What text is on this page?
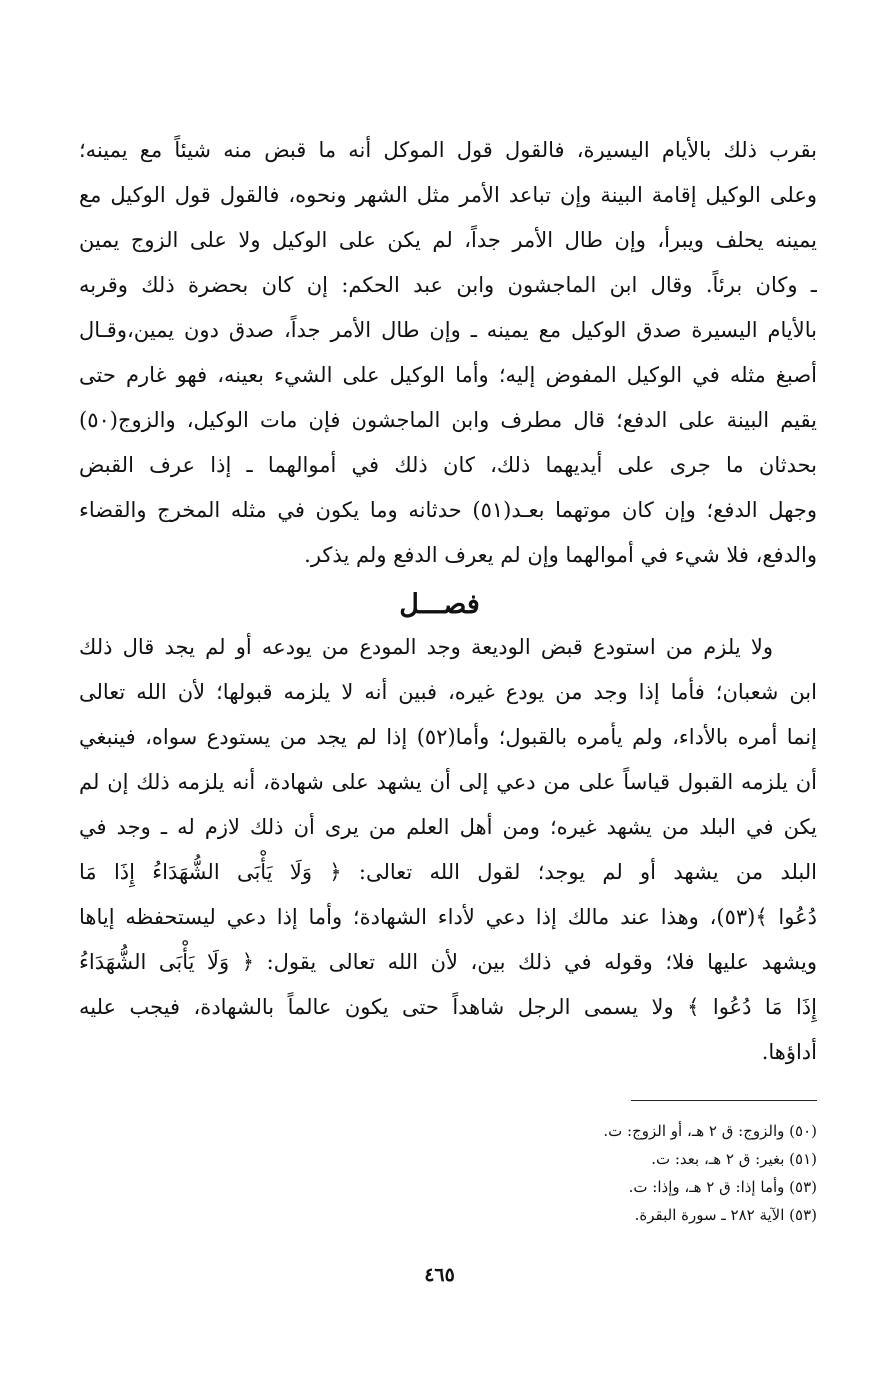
بقرب ذلك بالأيام اليسيرة، فالقول قول الموكل أنه ما قبض منه شيئاً مع يمينه؛
وعلى الوكيل إقامة البينة وإن تباعد الأمر مثل الشهر ونحوه، فالقول قول الوكيل مع
يمينه يحلف ويبرأ، وإن طال الأمر جداً، لم يكن على الوكيل ولا على الزوج يمين
ـ وكان برئاً. وقال ابن الماجشون وابن عبد الحكم: إن كان بحضرة ذلك وقربه
بالأيام اليسيرة صدق الوكيل مع يمينه ـ وإن طال الأمر جداً، صدق دون يمين،وقـال
أصبغ مثله في الوكيل المفوض إليه؛ وأما الوكيل على الشيء بعينه، فهو غارم حتى
يقيم البينة على الدفع؛ قال مطرف وابن الماجشون فإن مات الوكيل، والزوج(٥٠)
بحدثان ما جرى على أيديهما ذلك، كان ذلك في أموالهما ـ إذا عرف القبض
وجهل الدفع؛ وإن كان موتهما بعـد(٥١) حدثانه وما يكون في مثله المخرج والقضاء
والدفع، فلا شيء في أموالهما وإن لم يعرف الدفع ولم يذكر.
فصـــل
ولا يلزم من استودع قبض الوديعة وجد المودع من يودعه أو لم يجد قال ذلك
ابن شعبان؛ فأما إذا وجد من يودع غيره، فبين أنه لا يلزمه قبولها؛ لأن الله تعالى
إنما أمره بالأداء، ولم يأمره بالقبول؛ وأما(٥٢) إذا لم يجد من يستودع سواه، فينبغي
أن يلزمه القبول قياساً على من دعي إلى أن يشهد على شهادة، أنه يلزمه ذلك إن لم
يكن في البلد من يشهد غيره؛ ومن أهل العلم من يرى أن ذلك لازم له ـ وجد في
البلد من يشهد أو لم يوجد؛ لقول الله تعالى: ﴿ وَلَا يَأْبَى الشُّهَدَاءُ إِذَا مَا
دُعُوا ﴾(٥٣)، وهذا عند مالك إذا دعي لأداء الشهادة؛ وأما إذا دعي ليستحفظه إياها
ويشهد عليها فلا؛ وقوله في ذلك بين، لأن الله تعالى يقول: ﴿ وَلَا يَأْبَى الشُّهَدَاءُ
إِذَا مَا دُعُوا ﴾ ولا يسمى الرجل شاهداً حتى يكون عالماً بالشهادة، فيجب عليه
أداؤها.
(٥٠) والزوج: ق ٢ هـ، أو الزوج: ت.
(٥١) بغير: ق ٢ هـ، بعد: ت.
(٥٣) وأما إذا: ق ٢ هـ، وإذا: ت.
(٥٣) الآية ٢٨٢ ـ سورة البقرة.
٤٦٥
